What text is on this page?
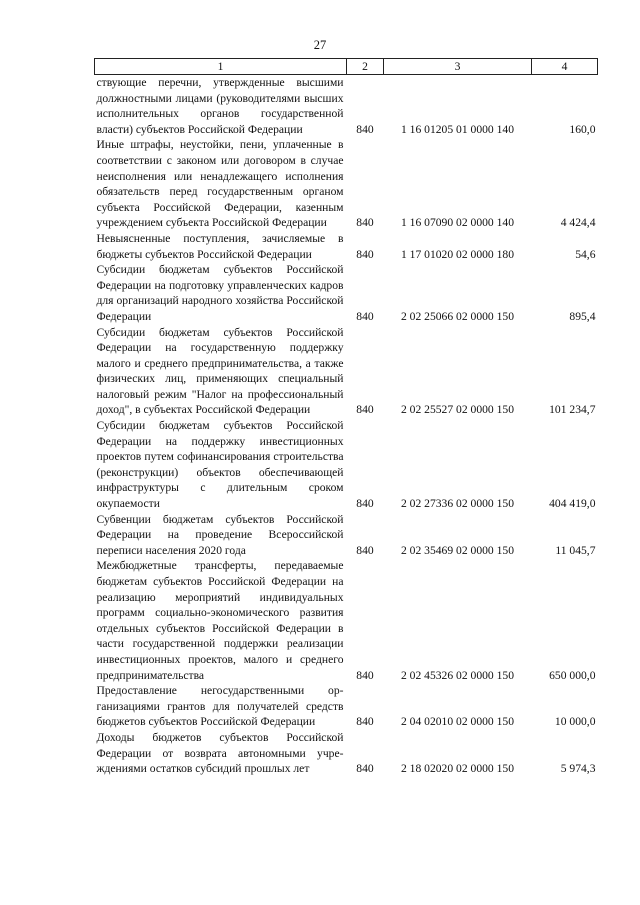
27
1	2	3	4
ствующие перечни, утвержденные высшими должностными лицами (руководителями высших исполнительных органов государственной власти) субъектов Российской Федерации	840	1 16 01205 01 0000 140	160,0
Иные штрафы, неустойки, пени, уплаченные в соответствии с законом или договором в случае неисполнения или ненадлежащего исполнения обязательств перед государственным органом субъекта Российской Федерации, казенным учреждением субъекта Российской Федерации	840	1 16 07090 02 0000 140	4 424,4
Невыясненные поступления, зачисляемые в бюджеты субъектов Российской Федерации	840	1 17 01020 02 0000 180	54,6
Субсидии бюджетам субъектов Российской Федерации на подготовку управленческих кадров для организаций народного хозяйства Российской Федерации	840	2 02 25066 02 0000 150	895,4
Субсидии бюджетам субъектов Российской Федерации на государственную поддержку малого и среднего предпринимательства, а также физических лиц, применяющих специальный налоговый режим "Налог на профессиональный доход", в субъектах Российской Федерации	840	2 02 25527 02 0000 150	101 234,7
Субсидии бюджетам субъектов Российской Федерации на поддержку инвестиционных проектов путем софинансирования строительства (реконструкции) объектов обеспечивающей инфраструктуры с длительным сроком окупаемости	840	2 02 27336 02 0000 150	404 419,0
Субвенции бюджетам субъектов Российской Федерации на проведение Всероссийской переписи населения 2020 года	840	2 02 35469 02 0000 150	11 045,7
Межбюджетные трансферты, передаваемые бюджетам субъектов Российской Федерации на реализацию мероприятий индивидуальных программ социально-экономического развития отдельных субъектов Российской Федерации в части государственной поддержки реализации инвестиционных проектов, малого и среднего предпринимательства	840	2 02 45326 02 0000 150	650 000,0
Предоставление негосударственными организациями грантов для получателей средств бюджетов субъектов Российской Федерации	840	2 04 02010 02 0000 150	10 000,0
Доходы бюджетов субъектов Российской Федерации от возврата автономными учреждениями остатков субсидий прошлых лет	840	2 18 02020 02 0000 150	5 974,3
